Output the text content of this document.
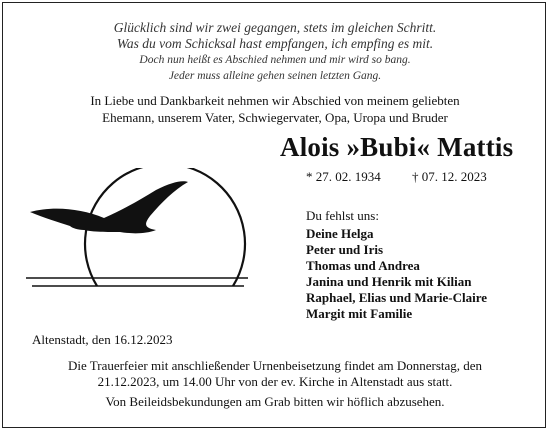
Glücklich sind wir zwei gegangen, stets im gleichen Schritt.
Was du vom Schicksal hast empfangen, ich empfing es mit.
Doch nun heißt es Abschied nehmen und mir wird so bang.
Jeder muss alleine gehen seinen letzten Gang.
In Liebe und Dankbarkeit nehmen wir Abschied von meinem geliebten
Ehemann, unserem Vater, Schwiegervater, Opa, Uropa und Bruder
Alois »Bubi« Mattis
* 27. 02. 1934 † 07. 12. 2023
Du fehlst uns:
Deine Helga
Peter und Iris
Thomas und Andrea
Janina und Henrik mit Kilian
Raphael, Elias und Marie-Claire
Margit mit Familie
Altenstadt, den 16.12.2023
Die Trauerfeier mit anschließender Urnenbeisetzung findet am Donnerstag, den
21.12.2023, um 14.00 Uhr von der ev. Kirche in Altenstadt aus statt.
Von Beileidsbekundungen am Grab bitten wir höflich abzusehen.
